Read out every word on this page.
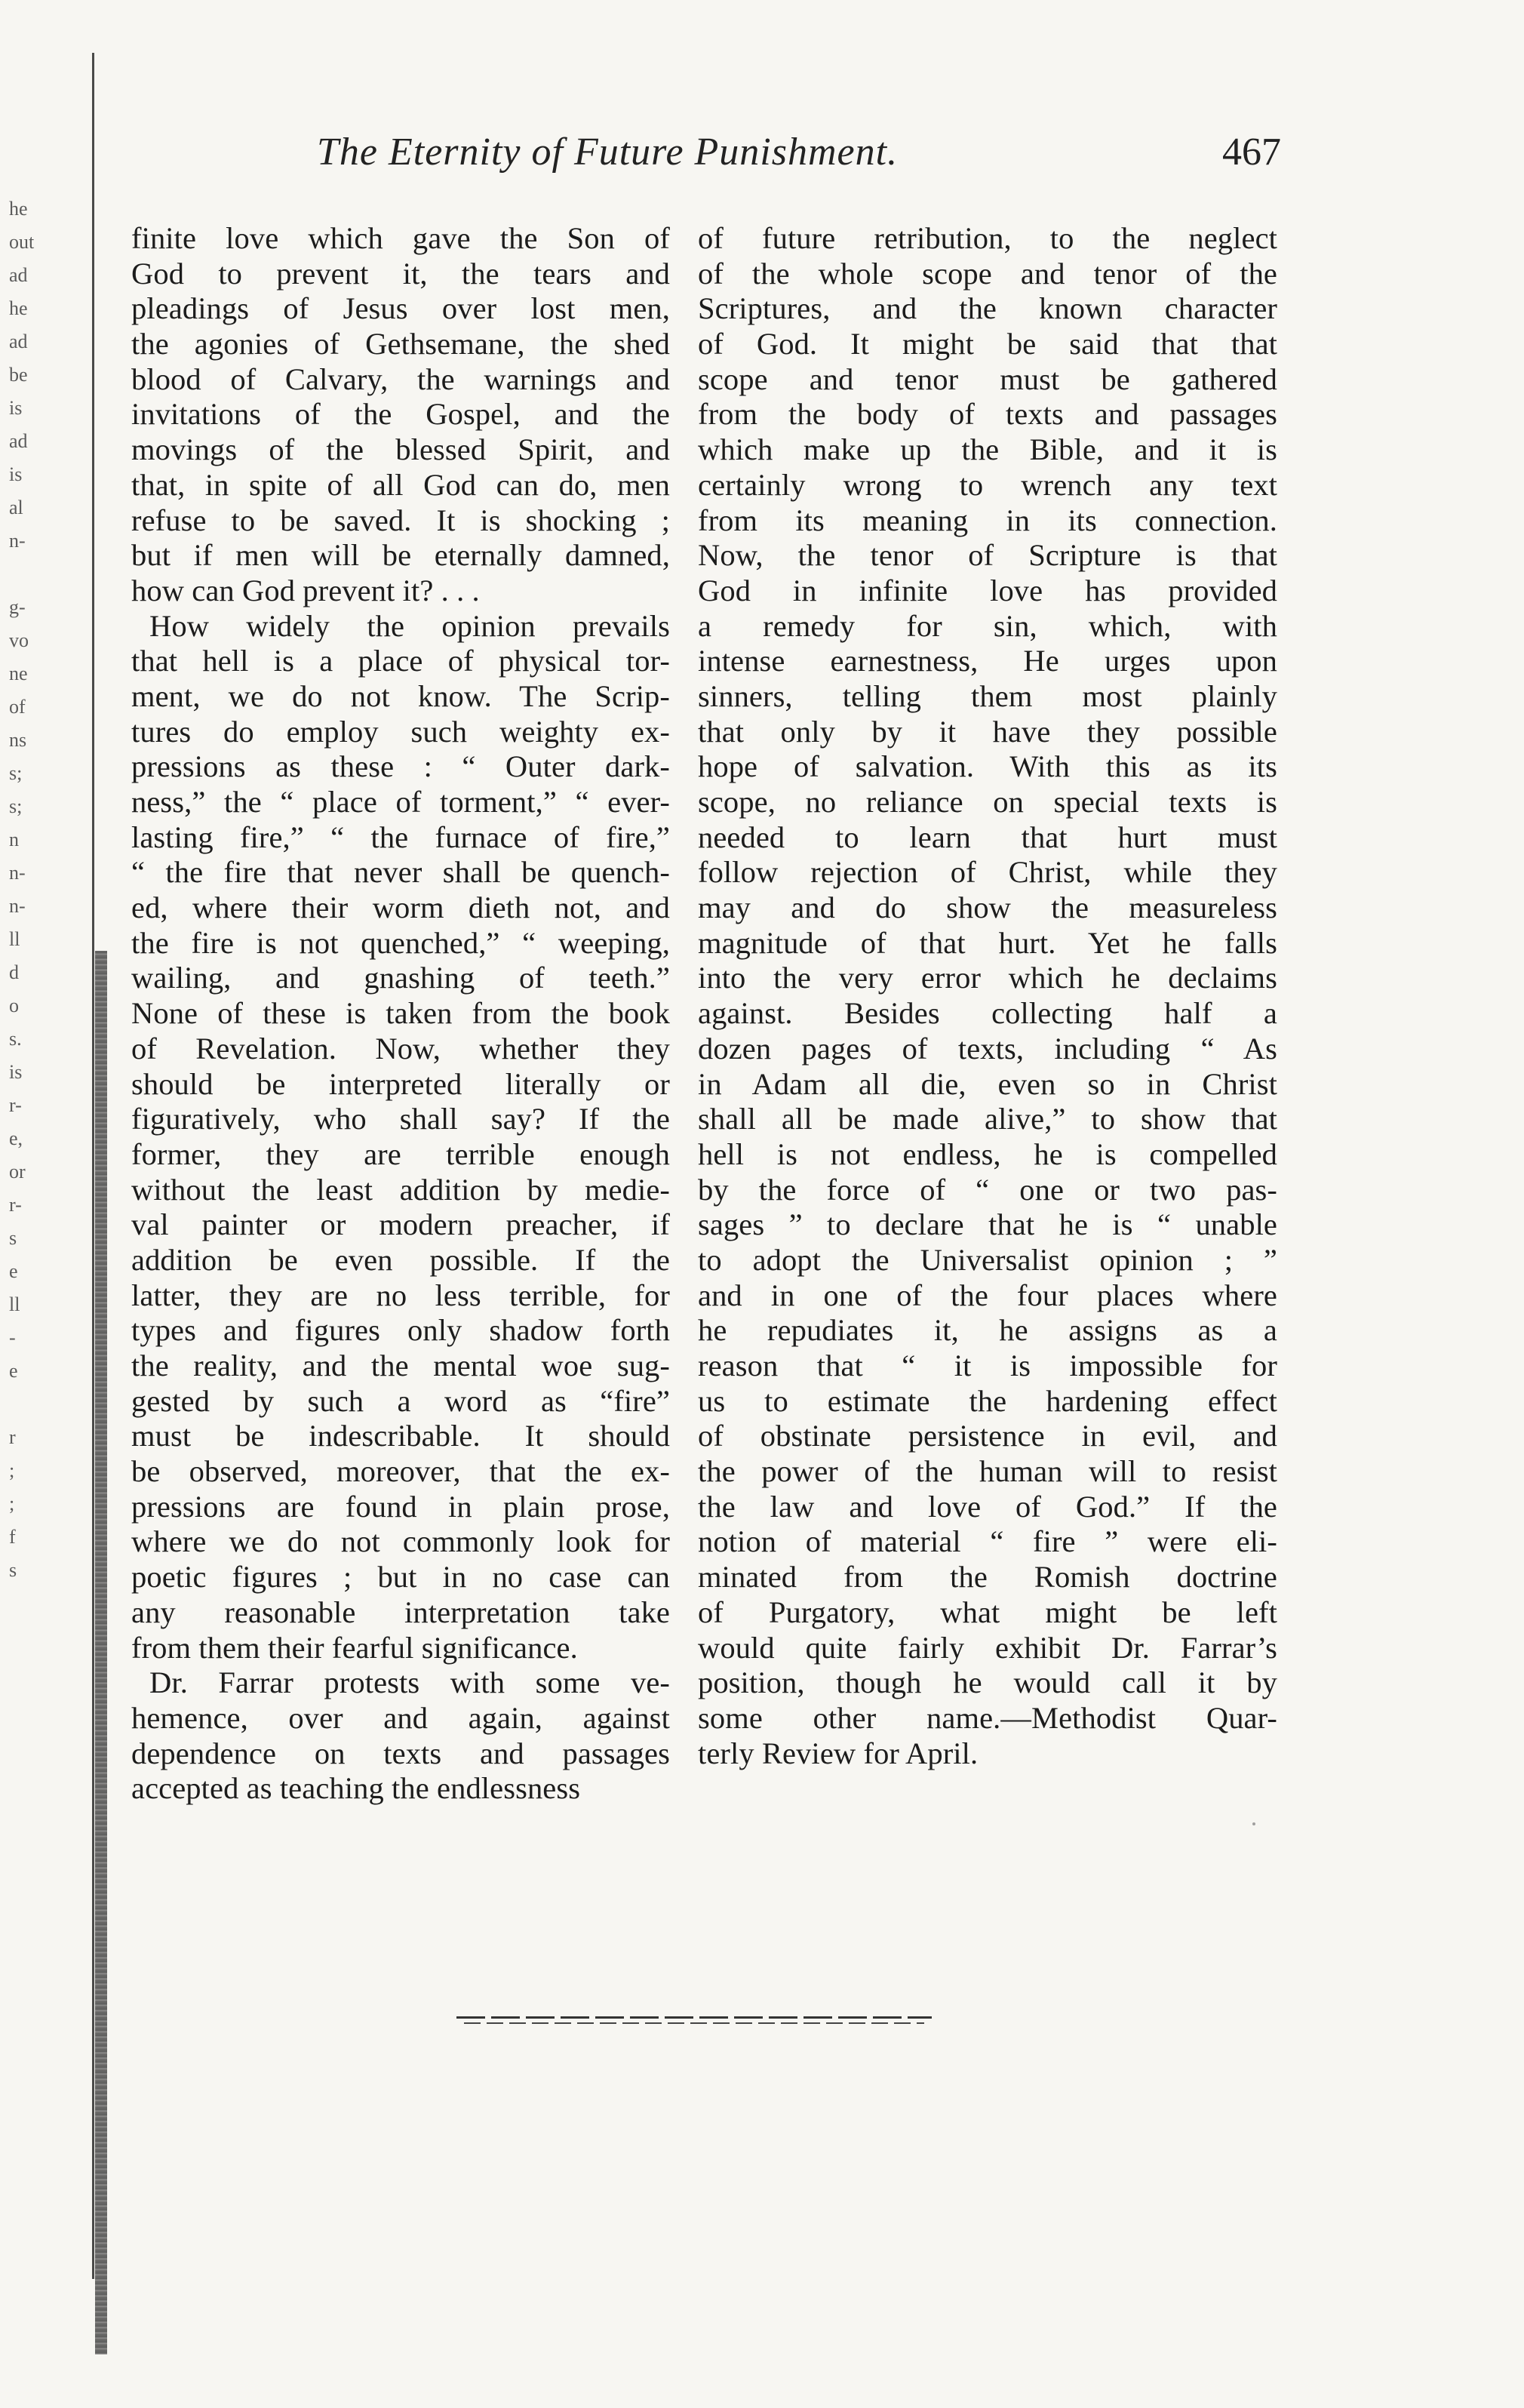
he
out
ad
he
ad
be
is
ad
is
al
n-

g-
vo
ne
of
ns
s;
s;
n
n-
n-
ll
d
o
s.
is
r-
e,
or
r-
s
e
ll
-
e

r
;
;
f
s
The Eternity of Future Punishment.	467
finite love which gave the Son of
God to prevent it, the tears and
pleadings of Jesus over lost men,
the agonies of Gethsemane, the shed
blood of Calvary, the warnings and
invitations of the Gospel, and the
movings of the blessed Spirit, and
that, in spite of all God can do, men
refuse to be saved. It is shocking ;
but if men will be eternally damned,
how can God prevent it? . . .
How widely the opinion prevails
that hell is a place of physical tor-
ment, we do not know. The Scrip-
tures do employ such weighty ex-
pressions as these : “ Outer dark-
ness,” the “ place of torment,” “ ever-
lasting fire,” “ the furnace of fire,”
“ the fire that never shall be quench-
ed, where their worm dieth not, and
the fire is not quenched,” “ weeping,
wailing, and gnashing of teeth.”
None of these is taken from the book
of Revelation. Now, whether they
should be interpreted literally or
figuratively, who shall say? If the
former, they are terrible enough
without the least addition by medie-
val painter or modern preacher, if
addition be even possible. If the
latter, they are no less terrible, for
types and figures only shadow forth
the reality, and the mental woe sug-
gested by such a word as “fire”
must be indescribable. It should
be observed, moreover, that the ex-
pressions are found in plain prose,
where we do not commonly look for
poetic figures ; but in no case can
any reasonable interpretation take
from them their fearful significance.
Dr. Farrar protests with some ve-
hemence, over and again, against
dependence on texts and passages
accepted as teaching the endlessness
of future retribution, to the neglect
of the whole scope and tenor of the
Scriptures, and the known character
of God. It might be said that that
scope and tenor must be gathered
from the body of texts and passages
which make up the Bible, and it is
certainly wrong to wrench any text
from its meaning in its connection.
Now, the tenor of Scripture is that
God in infinite love has provided
a remedy for sin, which, with
intense earnestness, He urges upon
sinners, telling them most plainly
that only by it have they possible
hope of salvation. With this as its
scope, no reliance on special texts is
needed to learn that hurt must
follow rejection of Christ, while they
may and do show the measureless
magnitude of that hurt. Yet he falls
into the very error which he declaims
against. Besides collecting half a
dozen pages of texts, including “ As
in Adam all die, even so in Christ
shall all be made alive,” to show that
hell is not endless, he is compelled
by the force of “ one or two pas-
sages ” to declare that he is “ unable
to adopt the Universalist opinion ; ”
and in one of the four places where
he repudiates it, he assigns as a
reason that “ it is impossible for
us to estimate the hardening effect
of obstinate persistence in evil, and
the power of the human will to resist
the law and love of God.” If the
notion of material “ fire ” were eli-
minated from the Romish doctrine
of Purgatory, what might be left
would quite fairly exhibit Dr. Farrar’s
position, though he would call it by
some other name.—Methodist Quar-
terly Review for April.
